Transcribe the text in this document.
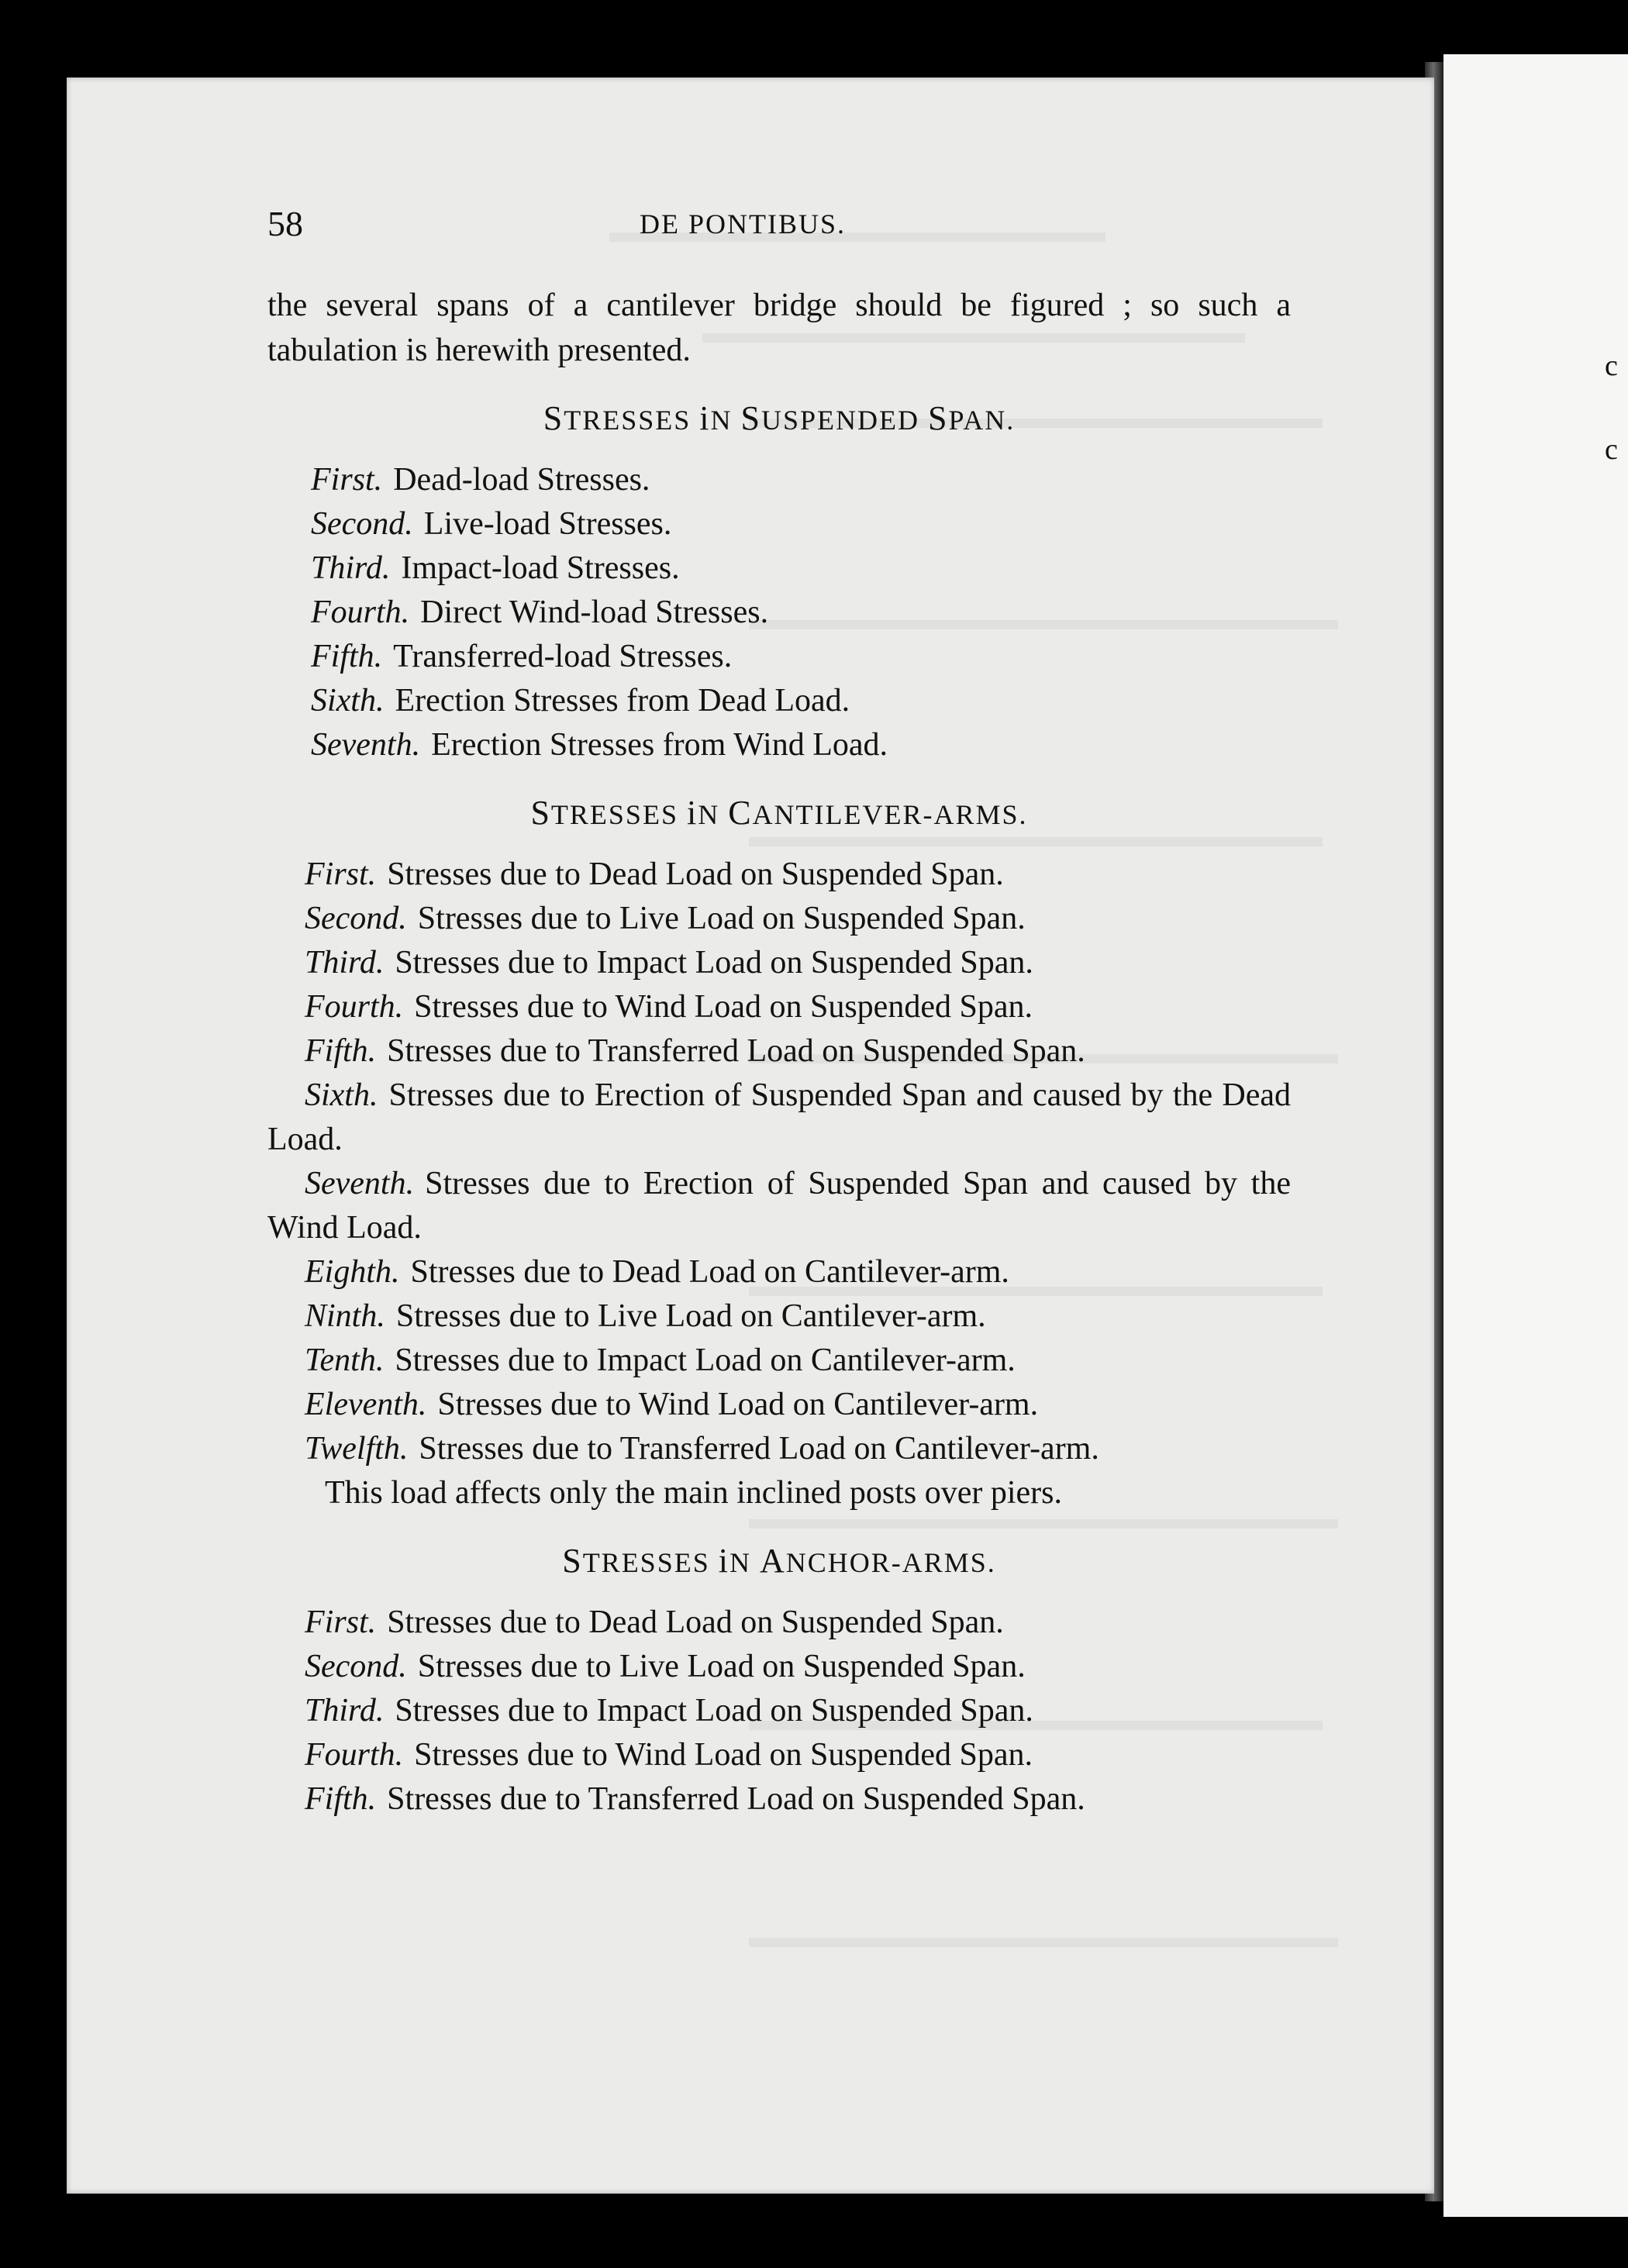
c
c
58	DE PONTIBUS.

the several spans of a cantilever bridge should be figured ; so such a tabulation is herewith presented.

STRESSES iN SUSPENDED SPAN.
First. Dead-load Stresses.
Second. Live-load Stresses.
Third. Impact-load Stresses.
Fourth. Direct Wind-load Stresses.
Fifth. Transferred-load Stresses.
Sixth. Erection Stresses from Dead Load.
Seventh. Erection Stresses from Wind Load.
STRESSES iN CANTILEVER-ARMS.
First. Stresses due to Dead Load on Suspended Span.
Second. Stresses due to Live Load on Suspended Span.
Third. Stresses due to Impact Load on Suspended Span.
Fourth. Stresses due to Wind Load on Suspended Span.
Fifth. Stresses due to Transferred Load on Suspended Span.
Sixth. Stresses due to Erection of Suspended Span and caused by the Dead Load.
Seventh. Stresses due to Erection of Suspended Span and caused by the Wind Load.
Eighth. Stresses due to Dead Load on Cantilever-arm.
Ninth. Stresses due to Live Load on Cantilever-arm.
Tenth. Stresses due to Impact Load on Cantilever-arm.
Eleventh. Stresses due to Wind Load on Cantilever-arm.
Twelfth. Stresses due to Transferred Load on Cantilever-arm.
This load affects only the main inclined posts over piers.
STRESSES iN ANCHOR-ARMS.
First. Stresses due to Dead Load on Suspended Span.
Second. Stresses due to Live Load on Suspended Span.
Third. Stresses due to Impact Load on Suspended Span.
Fourth. Stresses due to Wind Load on Suspended Span.
Fifth. Stresses due to Transferred Load on Suspended Span.
